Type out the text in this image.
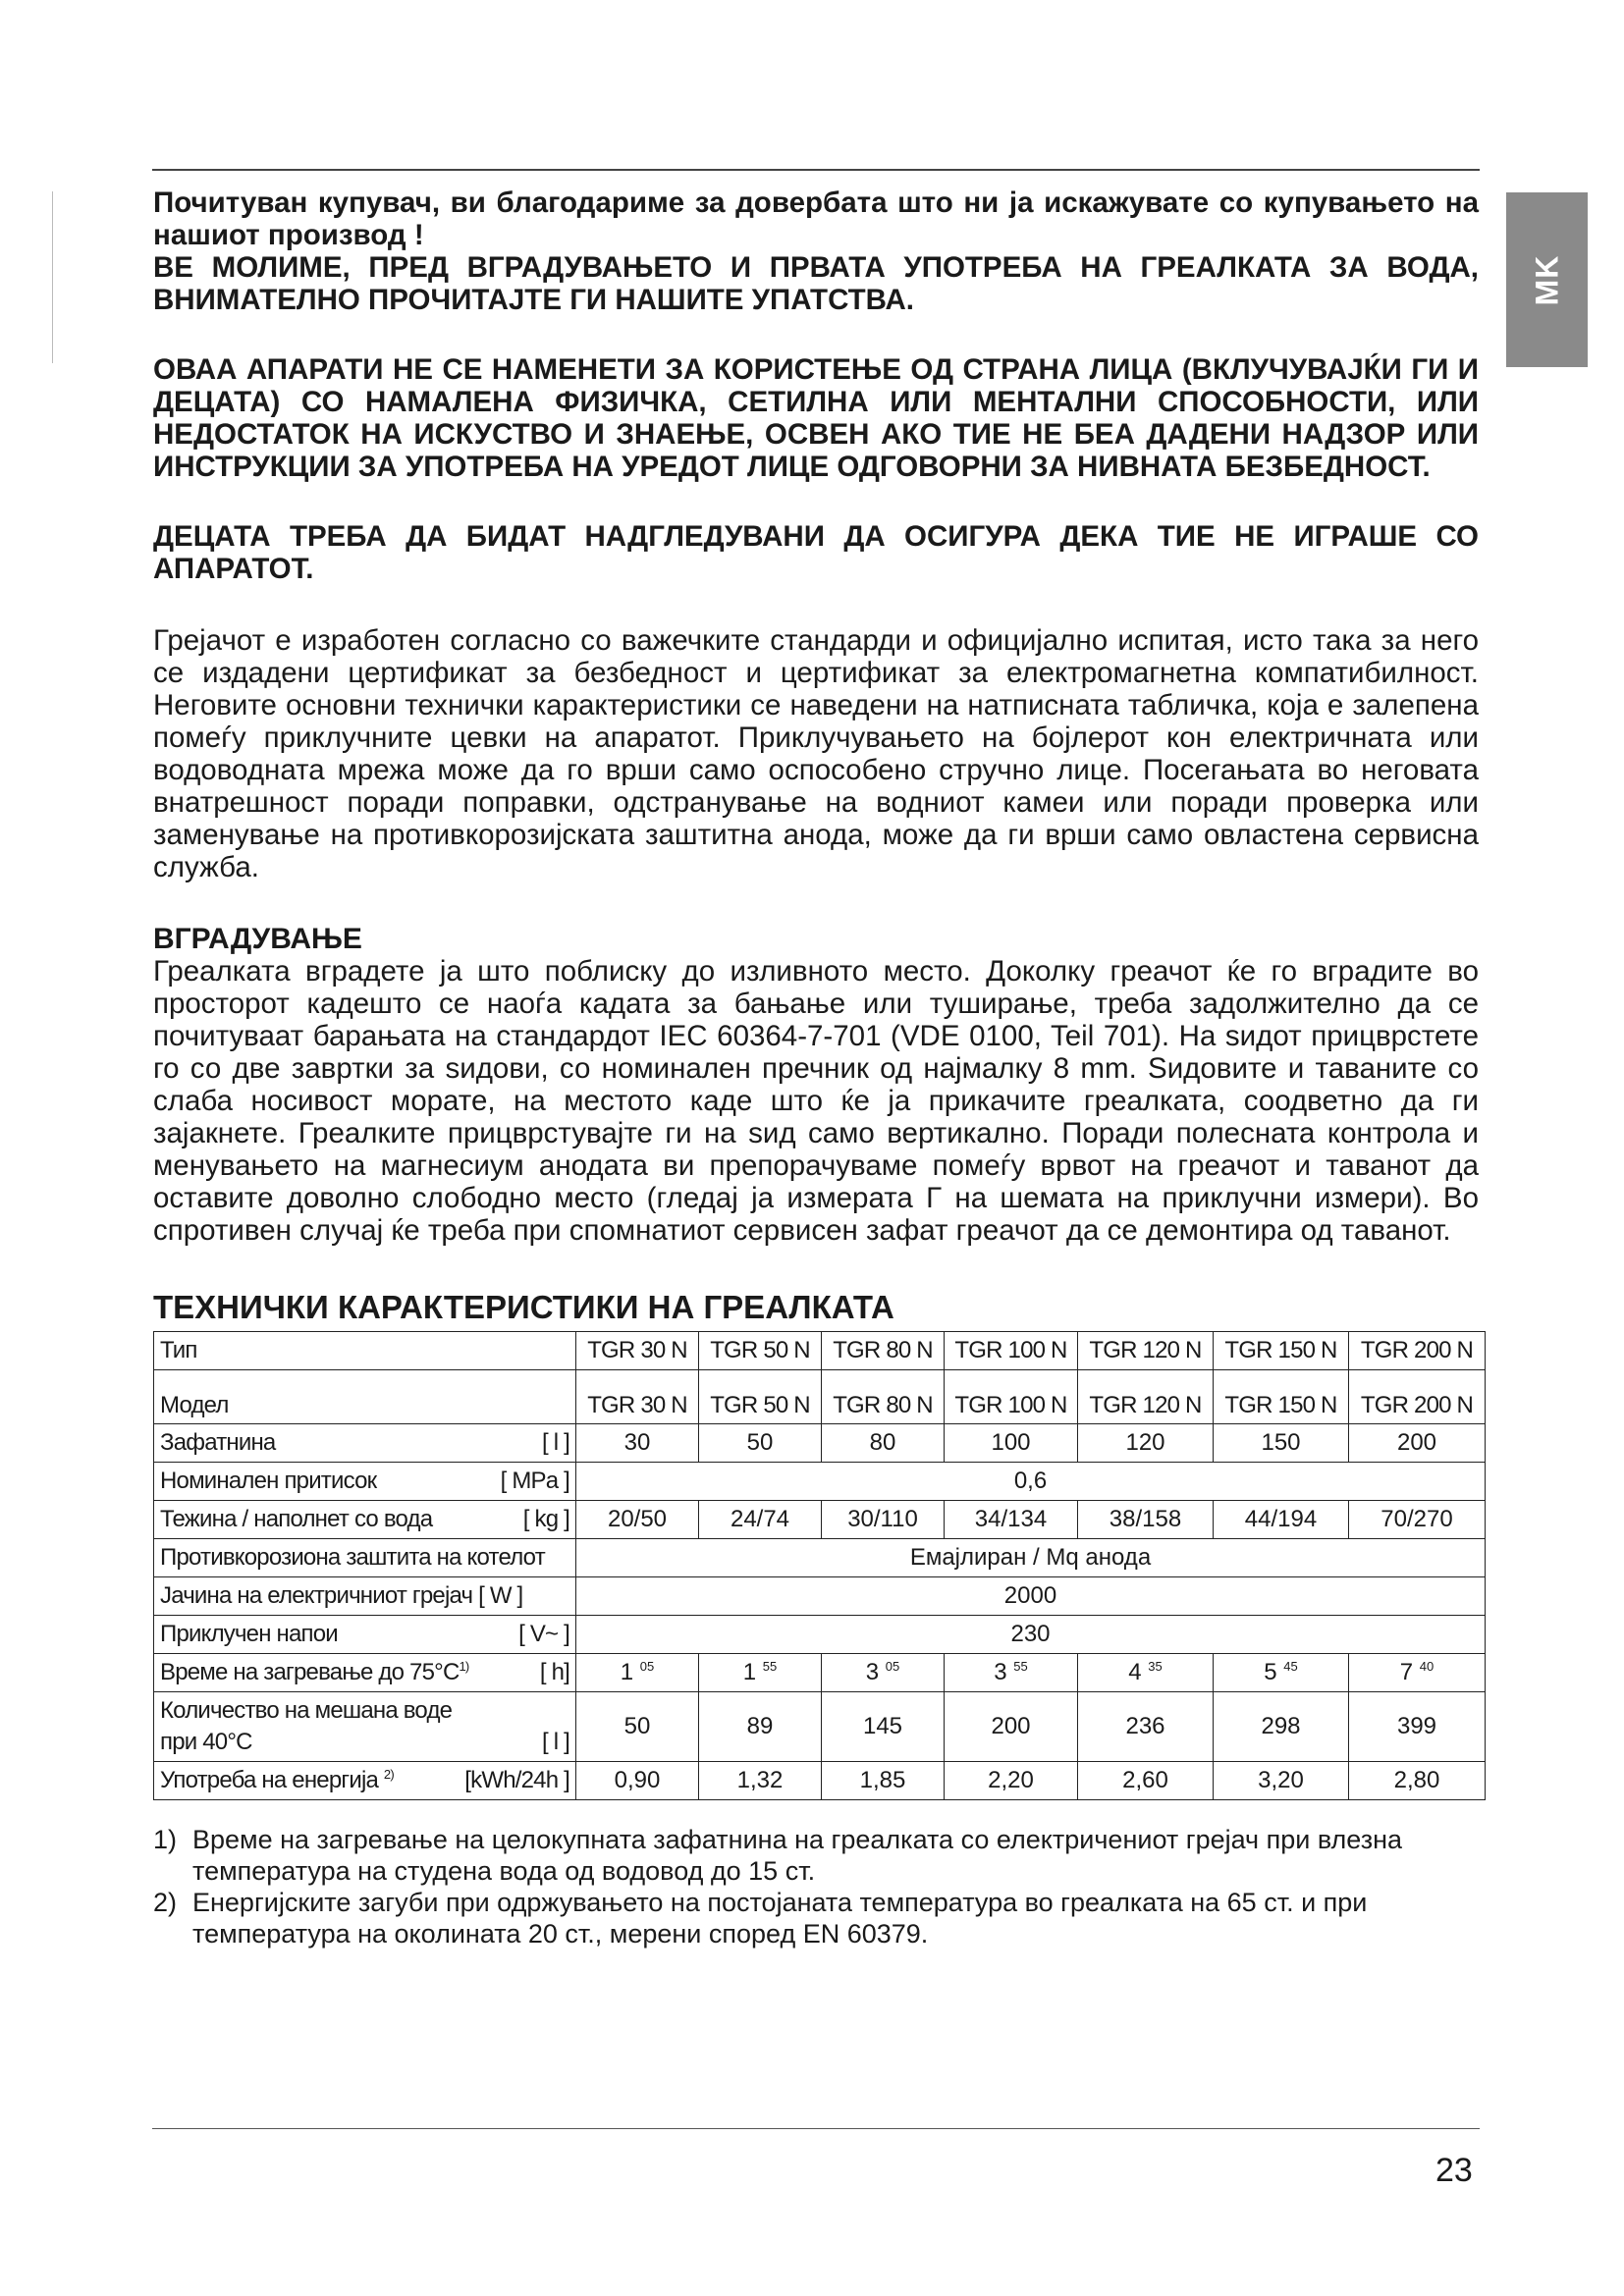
MK

Почитуван купувач, ви благодариме за довербата што ни ја искажувате со купувањето на нашиот производ !

ВЕ МОЛИМЕ, ПРЕД ВГРАДУВАЊЕТО И ПРВАТА УПОТРЕБА НА ГРЕАЛКАТА ЗА ВОДА, ВНИМАТЕЛНО ПРОЧИТАЈТЕ ГИ НАШИТЕ УПАТСТВА.

ОВАА АПАРАТИ НЕ СЕ НАМЕНЕТИ ЗА КОРИСТЕЊЕ ОД СТРАНА ЛИЦА (ВКЛУЧУВАЈЌИ ГИ И ДЕЦАТА) СО НАМАЛЕНА ФИЗИЧКА, СЕТИЛНА ИЛИ МЕНТАЛНИ СПОСОБНОСТИ, ИЛИ НЕДОСТАТОК НА ИСКУСТВО И ЗНАЕЊЕ, ОСВЕН АКО ТИЕ НЕ БЕА ДАДЕНИ НАДЗОР ИЛИ ИНСТРУКЦИИ ЗА УПОТРЕБА НА УРЕДОТ ЛИЦЕ ОДГОВОРНИ ЗА НИВНАТА БЕЗБЕДНОСТ.

ДЕЦАТА ТРЕБА ДА БИДАТ НАДГЛЕДУВАНИ ДА ОСИГУРА ДЕКА ТИЕ НЕ ИГРАШЕ СО АПАРАТОТ.

Грејачот е изработен согласно со важечките стандарди и официјално испитая, исто така за него се издадени цертификат за безбедност и цертификат за електромагнетна компатибилност. Неговите основни технички карактеристики се наведени на натписната табличка, која е залепена помеѓу приклучните цевки на апаратот. Приклучувањето на бојлерот кон електричната или водоводната мрежа може да го врши само оспособено стручно лице. Посегањата во неговата внатрешност поради поправки, одстранување на водниот камеи или поради проверка или заменување на противкорозијската заштитна анода, може да ги врши само овластена сервисна служба.

ВГРАДУВАЊЕ

Греалката вградете ја што поблиску до изливното место. Доколку греачот ќе го вградите во просторот кадешто се наоѓа кадата за бањање или туширање, треба задолжително да се почитуваат барањата на стандардот IEC 60364-7-701 (VDE 0100, Teil 701). На ѕидот прицврстете го со две завртки за ѕидови, со номинален пречник од најмалку 8 mm. Ѕидовите и таваните со слаба носивост морате, на местото каде што ќе ја прикачите греалката, соодветно да ги зајакнете. Греалките прицврстувајте ги на ѕид само вертикално. Поради полесната контрола и менувањето на магнесиум анодата ви препорачуваме помеѓу врвот на греачот и таванот да оставите доволно слободно место (гледај ја измерата Г на шемата на приклучни измери). Во спротивен случај ќе треба при спомнатиот сервисен зафат греачот да се демонтира од таванот.

ТЕХНИЧКИ КАРАКТЕРИСТИКИ НА ГРЕАЛКАТА
Тип	TGR 30 N	TGR 50 N	TGR 80 N	TGR 100 N	TGR 120 N	TGR 150 N	TGR 200 N
Модел	TGR 30 N	TGR 50 N	TGR 80 N	TGR 100 N	TGR 120 N	TGR 150 N	TGR 200 N

Зафатнина [ l ]	30	50	80	100	120	150	200

Номинален притисок [ MPa ]	0,6						

Тежина / наполнет со вода [ kg ]	20/50	24/74	30/110	34/134	38/158	44/194	70/270
Противкорозиона заштита на котелот	Емајлиран / Mq анода						
Јачина на електричниот грејач [ W ]	2000						

Приклучен напои [ V~ ]	230						

Време на загревање до $75^\circ C^{1)}$ [ h]	1 $^{05}$	1 $^{55}$	3 $^{05}$	3 $^{55}$	4 $^{35}$	5 $^{45}$	7 $^{40}$

Количество на мешана воде
при 40°C [ l ]	50	89	145	200	236	298	399

Употреба на енергија $^{2)}$ [kWh/24h ]	0,90	1,32	1,85	2,20	2,60	3,20	2,80
1) Време на загревање на целокупната зафатнина на греалката со електричениот грејач при влезна температура на студена вода од водовод до 15 ст.
2) Енергијските загуби при одржувањето на постојаната температура во греалката на 65 ст. и при температура на околината 20 ст., мерени според EN 60379.
23
